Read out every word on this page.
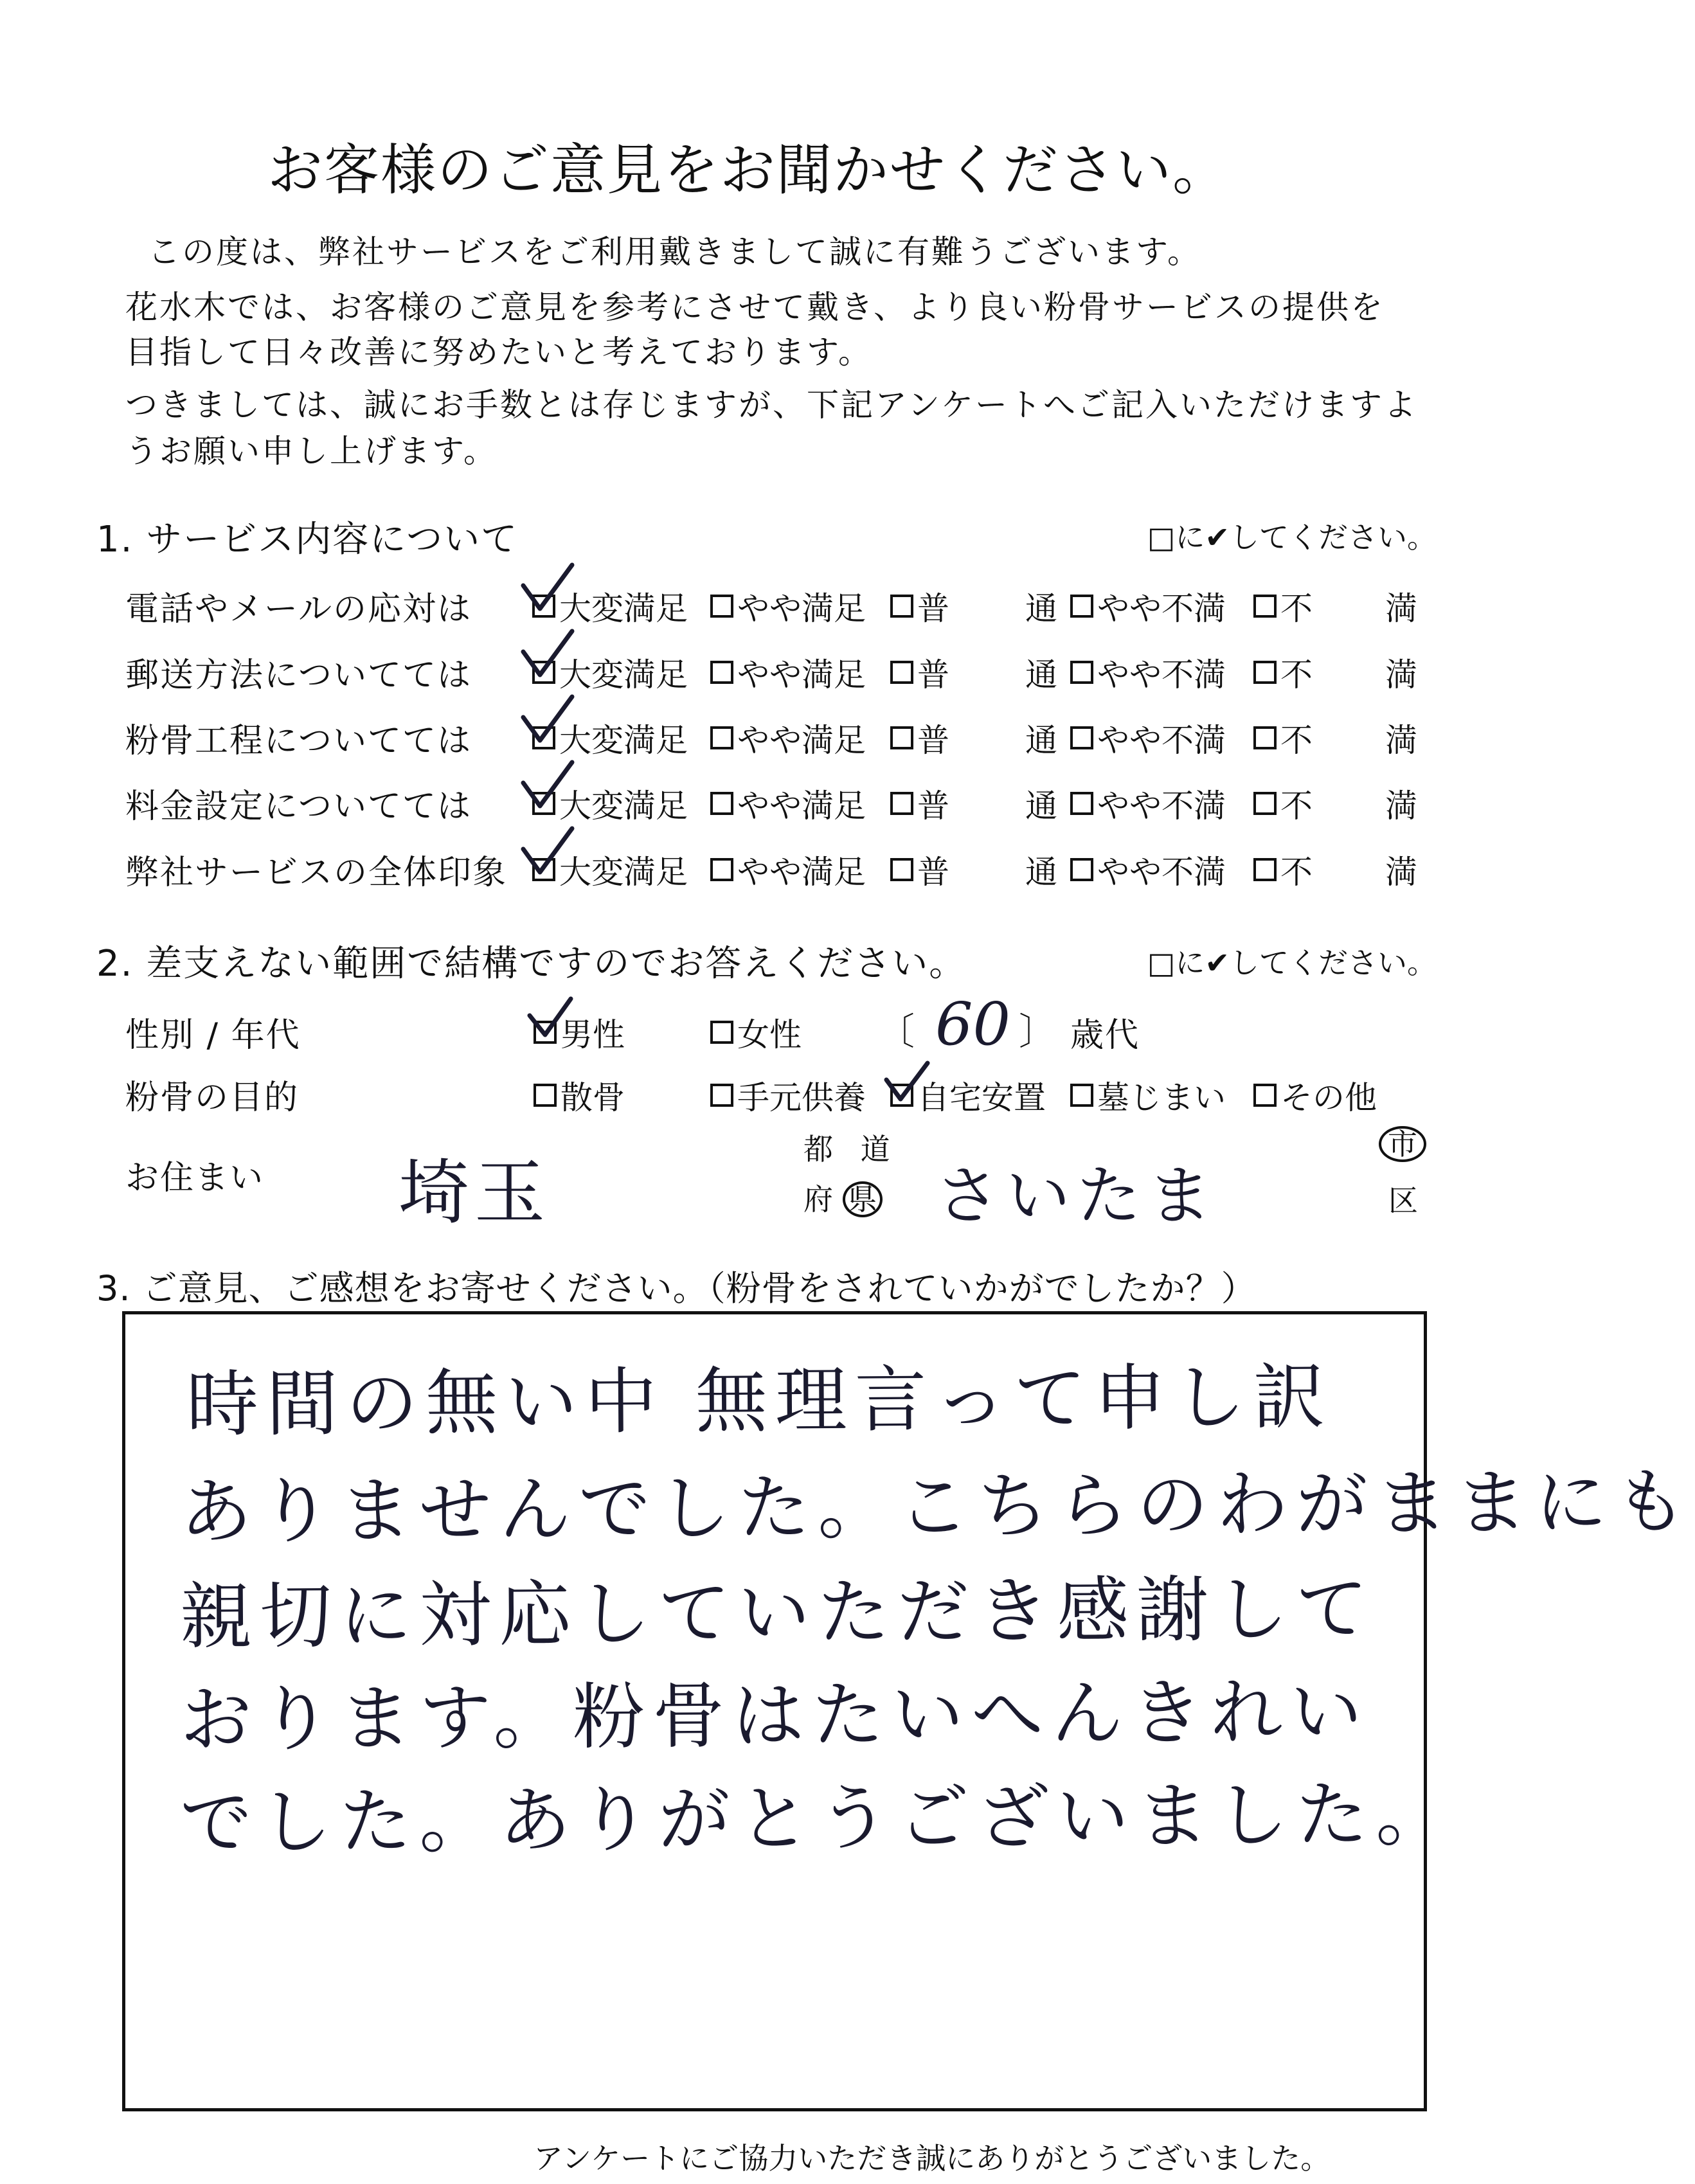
お客様のご意見をお聞かせください。
この度は、弊社サービスをご利用戴きまして誠に有難うございます。
花水木では、お客様のご意見を参考にさせて戴き、より良い粉骨サービスの提供を
目指して日々改善に努めたいと考えております。
つきましては、誠にお手数とは存じますが、下記アンケートへご記入いただけますよ
うお願い申し上げます。
1. サービス内容について	□に✔してください。
電話やメールの応対は	大変満足 やや満足 普 通 やや不満 不 満
郵送方法についてては	大変満足 やや満足 普 通 やや不満 不 満
粉骨工程についてては	大変満足 やや満足 普 通 やや不満 不 満
料金設定についてては	大変満足 やや満足 普 通 やや不満 不 満
弊社サービスの全体印象 大変満足 やや満足 普 通 やや不満 不 満
2. 差支えない範囲で結構ですのでお答えください。	□に✔してください。
性別 / 年代	男性	女性 〔 60 〕 歳代
粉骨の目的	散骨	手元供養 自宅安置 墓じまい その他
お住まい 埼玉
都 道
府 県 さいたま
市
区
3. ご意見、ご感想をお寄せください。（粉骨をされていかがでしたか？）
時間の無い中 無理言って申し訳
ありませんでした。こちらのわがままにも
親切に対応していただき感謝して
おります。粉骨はたいへんきれい
でした。ありがとうございました。
アンケートにご協力いただき誠にありがとうございました。
